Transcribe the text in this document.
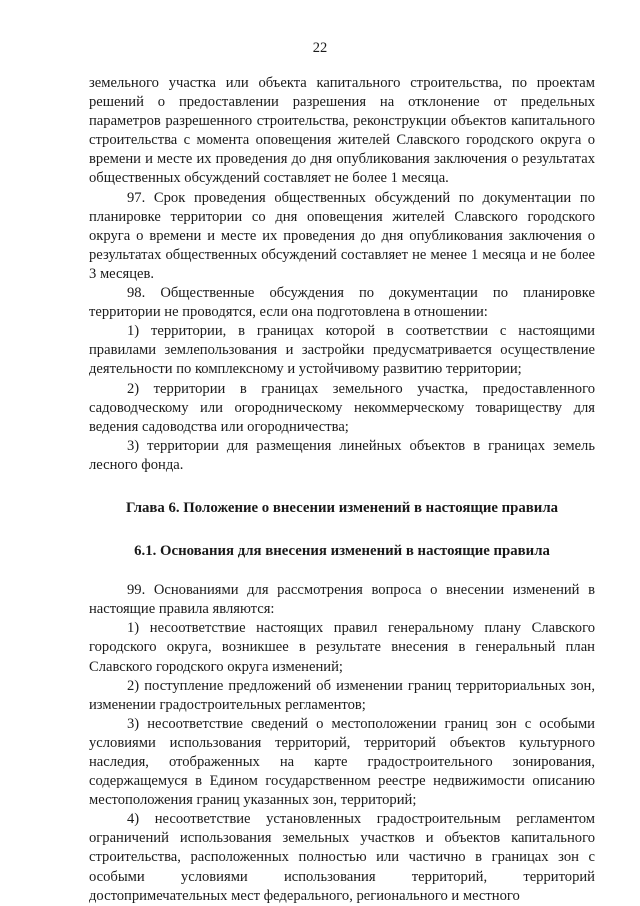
22

земельного участка или объекта капитального строительства, по проектам решений о предоставлении разрешения на отклонение от предельных параметров разрешенного строительства, реконструкции объектов капитального строительства с момента оповещения жителей Славского городского округа о времени и месте их проведения до дня опубликования заключения о результатах общественных обсуждений составляет не более 1 месяца.

97. Срок проведения общественных обсуждений по документации по планировке территории со дня оповещения жителей Славского городского округа о времени и месте их проведения до дня опубликования заключения о результатах общественных обсуждений составляет не менее 1 месяца и не более 3 месяцев.

98. Общественные обсуждения по документации по планировке территории не проводятся, если она подготовлена в отношении:

1) территории, в границах которой в соответствии с настоящими правилами землепользования и застройки предусматривается осуществление деятельности по комплексному и устойчивому развитию территории;

2) территории в границах земельного участка, предоставленного садоводческому или огородническому некоммерческому товариществу для ведения садоводства или огородничества;

3) территории для размещения линейных объектов в границах земель лесного фонда.

Глава 6. Положение о внесении изменений в настоящие правила

6.1. Основания для внесения изменений в настоящие правила

99. Основаниями для рассмотрения вопроса о внесении изменений в настоящие правила являются:

1) несоответствие настоящих правил генеральному плану Славского городского округа, возникшее в результате внесения в генеральный план Славского городского округа изменений;

2) поступление предложений об изменении границ территориальных зон, изменении градостроительных регламентов;

3) несоответствие сведений о местоположении границ зон с особыми условиями использования территорий, территорий объектов культурного наследия, отображенных на карте градостроительного зонирования, содержащемуся в Едином государственном реестре недвижимости описанию местоположения границ указанных зон, территорий;

4) несоответствие установленных градостроительным регламентом ограничений использования земельных участков и объектов капитального строительства, расположенных полностью или частично в границах зон с особыми условиями использования территорий, территорий достопримечательных мест федерального, регионального и местного
